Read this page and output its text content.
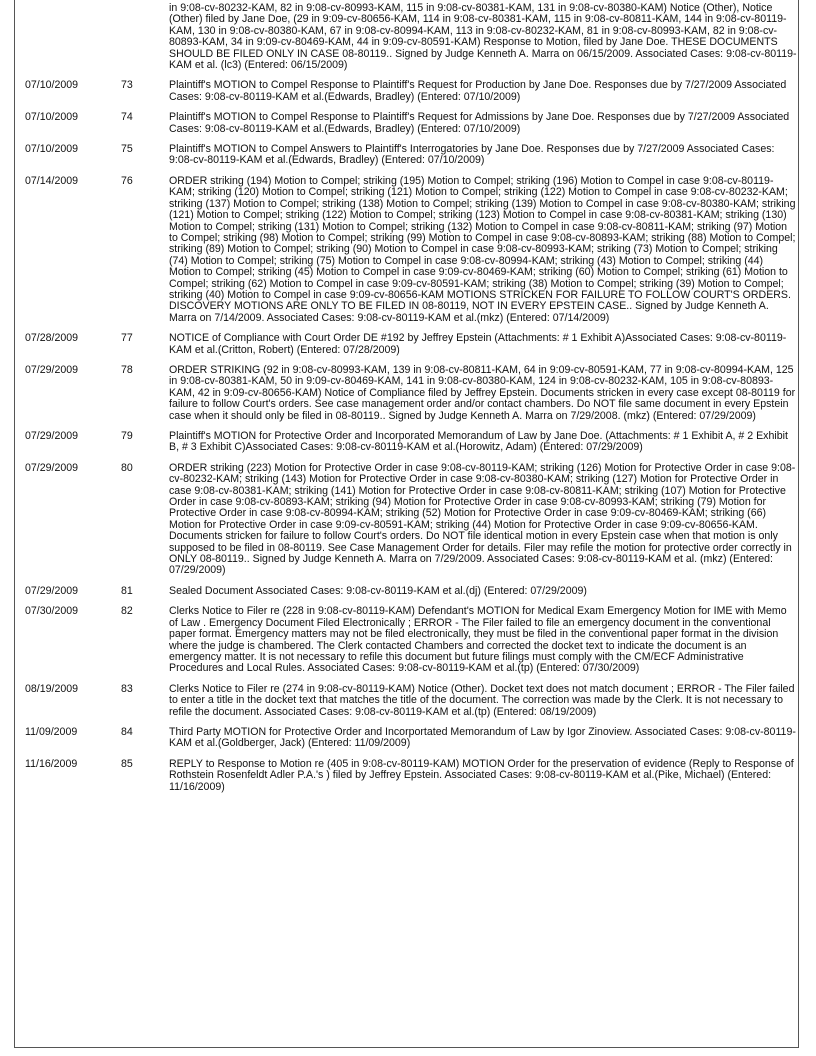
in 9:08-cv-80232-KAM, 82 in 9:08-cv-80993-KAM, 115 in 9:08-cv-80381-KAM, 131 in 9:08-cv-80380-KAM) Notice (Other), Notice (Other) filed by Jane Doe, (29 in 9:09-cv-80656-KAM, 114 in 9:08-cv-80381-KAM, 115 in 9:08-cv-80811-KAM, 144 in 9:08-cv-80119-KAM, 130 in 9:08-cv-80380-KAM, 67 in 9:08-cv-80994-KAM, 113 in 9:08-cv-80232-KAM, 81 in 9:08-cv-80993-KAM, 82 in 9:08-cv-80893-KAM, 34 in 9:09-cv-80469-KAM, 44 in 9:09-cv-80591-KAM) Response to Motion, filed by Jane Doe. THESE DOCUMENTS SHOULD BE FILED ONLY IN CASE 08-80119.. Signed by Judge Kenneth A. Marra on 06/15/2009. Associated Cases: 9:08-cv-80119-KAM et al. (lc3) (Entered: 06/15/2009)
07/10/2009	73	Plaintiff's MOTION to Compel Response to Plaintiff's Request for Production by Jane Doe. Responses due by 7/27/2009 Associated Cases: 9:08-cv-80119-KAM et al.(Edwards, Bradley) (Entered: 07/10/2009)
07/10/2009	74	Plaintiff's MOTION to Compel Response to Plaintiff's Request for Admissions by Jane Doe. Responses due by 7/27/2009 Associated Cases: 9:08-cv-80119-KAM et al.(Edwards, Bradley) (Entered: 07/10/2009)
07/10/2009	75	Plaintiff's MOTION to Compel Answers to Plaintiff's Interrogatories by Jane Doe. Responses due by 7/27/2009 Associated Cases: 9:08-cv-80119-KAM et al.(Edwards, Bradley) (Entered: 07/10/2009)
07/14/2009	76	ORDER striking (194) Motion to Compel; striking (195) Motion to Compel; striking (196) Motion to Compel in case 9:08-cv-80119-KAM; striking (120) Motion to Compel; striking (121) Motion to Compel; striking (122) Motion to Compel in case 9:08-cv-80232-KAM; striking (137) Motion to Compel; striking (138) Motion to Compel; striking (139) Motion to Compel in case 9:08-cv-80380-KAM; striking (121) Motion to Compel; striking (122) Motion to Compel; striking (123) Motion to Compel in case 9:08-cv-80381-KAM; striking (130) Motion to Compel; striking (131) Motion to Compel; striking (132) Motion to Compel in case 9:08-cv-80811-KAM; striking (97) Motion to Compel; striking (98) Motion to Compel; striking (99) Motion to Compel in case 9:08-cv-80893-KAM; striking (88) Motion to Compel; striking (89) Motion to Compel; striking (90) Motion to Compel in case 9:08-cv-80993-KAM; striking (73) Motion to Compel; striking (74) Motion to Compel; striking (75) Motion to Compel in case 9:08-cv-80994-KAM; striking (43) Motion to Compel; striking (44) Motion to Compel; striking (45) Motion to Compel in case 9:09-cv-80469-KAM; striking (60) Motion to Compel; striking (61) Motion to Compel; striking (62) Motion to Compel in case 9:09-cv-80591-KAM; striking (38) Motion to Compel; striking (39) Motion to Compel; striking (40) Motion to Compel in case 9:09-cv-80656-KAM MOTIONS STRICKEN FOR FAILURE TO FOLLOW COURT'S ORDERS. DISCOVERY MOTIONS ARE ONLY TO BE FILED IN 08-80119, NOT IN EVERY EPSTEIN CASE.. Signed by Judge Kenneth A. Marra on 7/14/2009. Associated Cases: 9:08-cv-80119-KAM et al.(mkz) (Entered: 07/14/2009)
07/28/2009	77	NOTICE of Compliance with Court Order DE #192 by Jeffrey Epstein (Attachments: # 1 Exhibit A)Associated Cases: 9:08-cv-80119-KAM et al.(Critton, Robert) (Entered: 07/28/2009)
07/29/2009	78	ORDER STRIKING (92 in 9:08-cv-80993-KAM, 139 in 9:08-cv-80811-KAM, 64 in 9:09-cv-80591-KAM, 77 in 9:08-cv-80994-KAM, 125 in 9:08-cv-80381-KAM, 50 in 9:09-cv-80469-KAM, 141 in 9:08-cv-80380-KAM, 124 in 9:08-cv-80232-KAM, 105 in 9:08-cv-80893-KAM, 42 in 9:09-cv-80656-KAM) Notice of Compliance filed by Jeffrey Epstein. Documents stricken in every case except 08-80119 for failure to follow Court's orders. See case management order and/or contact chambers. Do NOT file same document in every Epstein case when it should only be filed in 08-80119.. Signed by Judge Kenneth A. Marra on 7/29/2008. (mkz) (Entered: 07/29/2009)
07/29/2009	79	Plaintiff's MOTION for Protective Order and Incorporated Memorandum of Law by Jane Doe. (Attachments: # 1 Exhibit A, # 2 Exhibit B, # 3 Exhibit C)Associated Cases: 9:08-cv-80119-KAM et al.(Horowitz, Adam) (Entered: 07/29/2009)
07/29/2009	80	ORDER striking (223) Motion for Protective Order in case 9:08-cv-80119-KAM; striking (126) Motion for Protective Order in case 9:08-cv-80232-KAM; striking (143) Motion for Protective Order in case 9:08-cv-80380-KAM; striking (127) Motion for Protective Order in case 9:08-cv-80381-KAM; striking (141) Motion for Protective Order in case 9:08-cv-80811-KAM; striking (107) Motion for Protective Order in case 9:08-cv-80893-KAM; striking (94) Motion for Protective Order in case 9:08-cv-80993-KAM; striking (79) Motion for Protective Order in case 9:08-cv-80994-KAM; striking (52) Motion for Protective Order in case 9:09-cv-80469-KAM; striking (66) Motion for Protective Order in case 9:09-cv-80591-KAM; striking (44) Motion for Protective Order in case 9:09-cv-80656-KAM. Documents stricken for failure to follow Court's orders. Do NOT file identical motion in every Epstein case when that motion is only supposed to be filed in 08-80119. See Case Management Order for details. Filer may refile the motion for protective order correctly in ONLY 08-80119.. Signed by Judge Kenneth A. Marra on 7/29/2009. Associated Cases: 9:08-cv-80119-KAM et al. (mkz) (Entered: 07/29/2009)
07/29/2009	81	Sealed Document Associated Cases: 9:08-cv-80119-KAM et al.(dj) (Entered: 07/29/2009)
07/30/2009	82	Clerks Notice to Filer re (228 in 9:08-cv-80119-KAM) Defendant's MOTION for Medical Exam Emergency Motion for IME with Memo of Law . Emergency Document Filed Electronically ; ERROR - The Filer failed to file an emergency document in the conventional paper format. Emergency matters may not be filed electronically, they must be filed in the conventional paper format in the division where the judge is chambered. The Clerk contacted Chambers and corrected the docket text to indicate the document is an emergency matter. It is not necessary to refile this document but future filings must comply with the CM/ECF Administrative Procedures and Local Rules. Associated Cases: 9:08-cv-80119-KAM et al.(tp) (Entered: 07/30/2009)
08/19/2009	83	Clerks Notice to Filer re (274 in 9:08-cv-80119-KAM) Notice (Other). Docket text does not match document ; ERROR - The Filer failed to enter a title in the docket text that matches the title of the document. The correction was made by the Clerk. It is not necessary to refile the document. Associated Cases: 9:08-cv-80119-KAM et al.(tp) (Entered: 08/19/2009)
11/09/2009	84	Third Party MOTION for Protective Order and Incorportated Memorandum of Law by Igor Zinoview. Associated Cases: 9:08-cv-80119-KAM et al.(Goldberger, Jack) (Entered: 11/09/2009)
11/16/2009	85	REPLY to Response to Motion re (405 in 9:08-cv-80119-KAM) MOTION Order for the preservation of evidence (Reply to Response of Rothstein Rosenfeldt Adler P.A.'s ) filed by Jeffrey Epstein. Associated Cases: 9:08-cv-80119-KAM et al.(Pike, Michael) (Entered: 11/16/2009)
